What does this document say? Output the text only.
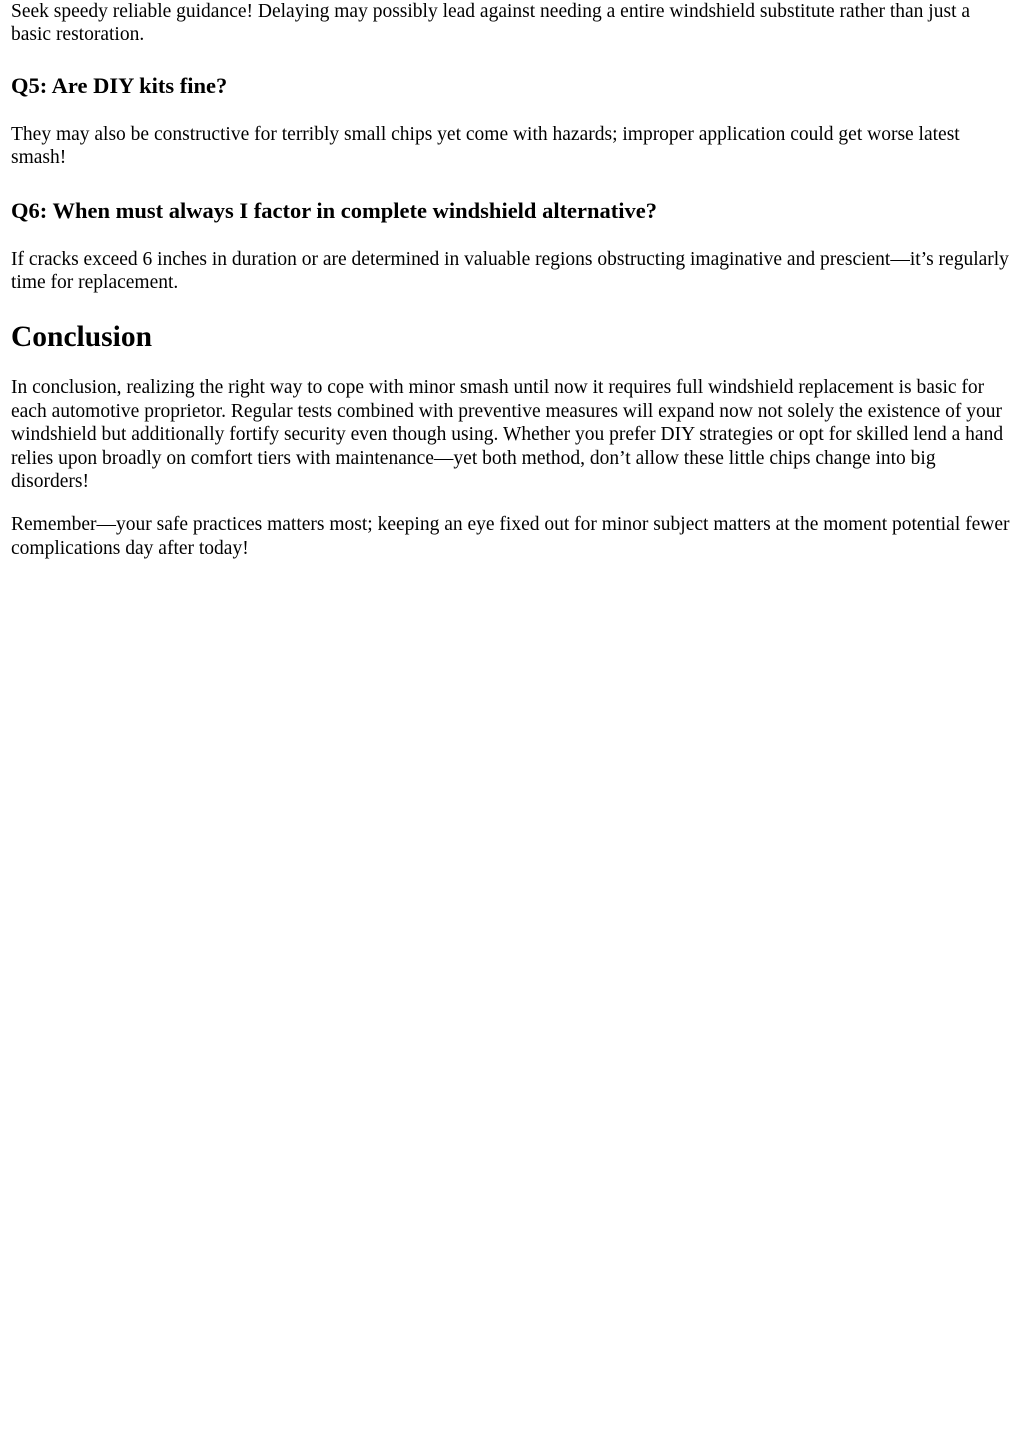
Seek speedy reliable guidance! Delaying may possibly lead against needing a entire windshield substitute rather than just a basic restoration.

Q5: Are DIY kits fine?

They may also be constructive for terribly small chips yet come with hazards; improper application could get worse latest smash!

Q6: When must always I factor in complete windshield alternative?

If cracks exceed 6 inches in duration or are determined in valuable regions obstructing imaginative and prescient—it’s regularly time for replacement.

Conclusion

In conclusion, realizing the right way to cope with minor smash until now it requires full windshield replacement is basic for each automotive proprietor. Regular tests combined with preventive measures will expand now not solely the existence of your windshield but additionally fortify security even though using. Whether you prefer DIY strategies or opt for skilled lend a hand relies upon broadly on comfort tiers with maintenance—yet both method, don’t allow these little chips change into big disorders!

Remember—your safe practices matters most; keeping an eye fixed out for minor subject matters at the moment potential fewer complications day after today!
